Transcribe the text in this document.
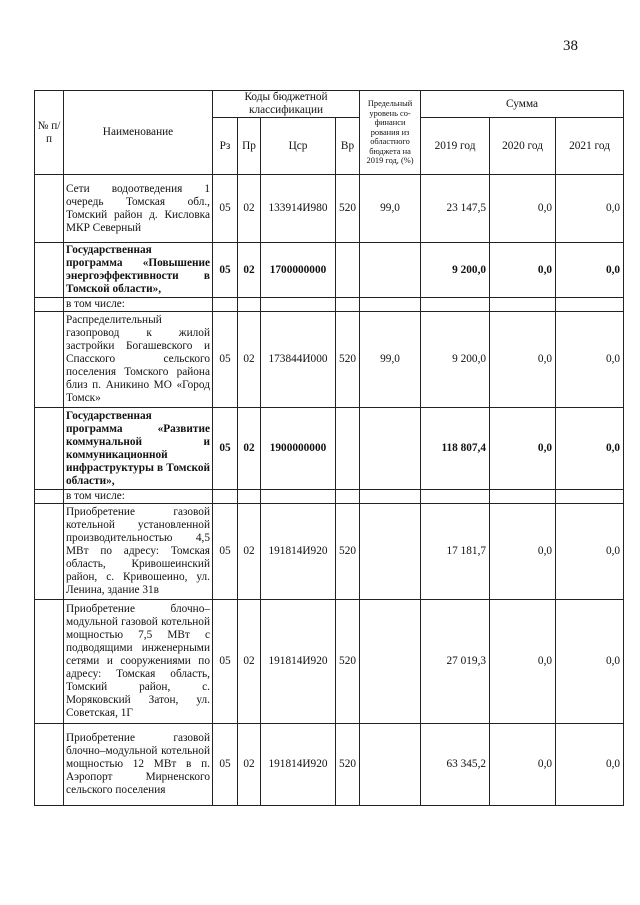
38
№ п/п	Наименование	Коды бюджетной классификации				Предельный уровень со-финанси рования из областного бюджета на 2019 год, (%)	Сумма		
		Рз	Пр	Цср	Вр		2019 год	2020 год	2021 год
	Сети водоотведения 1 очередь Томская обл., Томский район д. Кисловка МКР Северный	05	02	133914И980	520	99,0	23 147,5	0,0	0,0
	Государственная программа «Повышение энергоэффективности в Томской области»,	05	02	1700000000			9 200,0	0,0	0,0
	в том числе:								
	Распределительный газопровод к жилой застройки Богашевского и Спасского сельского поселения Томского района близ п. Аникино МО «Город Томск»	05	02	173844И000	520	99,0	9 200,0	0,0	0,0
	Государственная программа «Развитие коммунальной и коммуникационной инфраструктуры в Томской области»,	05	02	1900000000			118 807,4	0,0	0,0
	в том числе:								
	Приобретение газовой котельной установленной производительностью 4,5 МВт по адресу: Томская область, Кривошеинский район, с. Кривошеино, ул. Ленина, здание 31в	05	02	191814И920	520		17 181,7	0,0	0,0
	Приобретение блочно–модульной газовой котельной мощностью 7,5 МВт с подводящими инженерными сетями и сооружениями по адресу: Томская область, Томский район, с. Моряковский Затон, ул. Советская, 1Г	05	02	191814И920	520		27 019,3	0,0	0,0
	Приобретение газовой блочно–модульной котельной мощностью 12 МВт в п. Аэропорт Мирненского сельского поселения	05	02	191814И920	520		63 345,2	0,0	0,0
